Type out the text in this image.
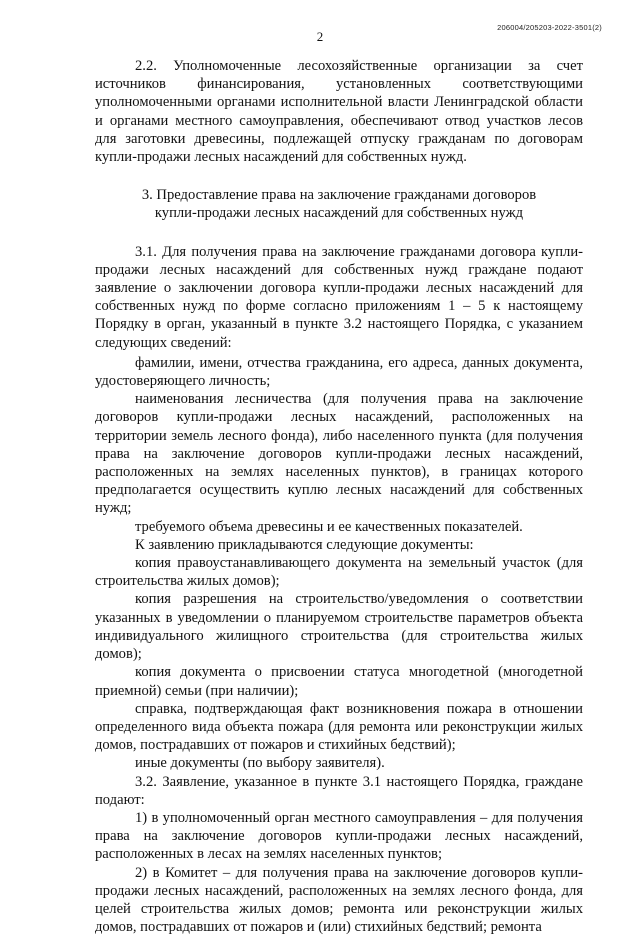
206004/205203-2022-3501(2)
2

2.2. Уполномоченные лесохозяйственные организации за счет источников финансирования, установленных соответствующими уполномоченными органами исполнительной власти Ленинградской области и органами местного самоуправления, обеспечивают отвод участков лесов для заготовки древесины, подлежащей отпуску гражданам по договорам купли-продажи лесных насаждений для собственных нужд.

3. Предоставление права на заключение гражданами договоров
купли-продажи лесных насаждений для собственных нужд

3.1. Для получения права на заключение гражданами договора купли-продажи лесных насаждений для собственных нужд граждане подают заявление о заключении договора купли-продажи лесных насаждений для собственных нужд по форме согласно приложениям 1 – 5 к настоящему Порядку в орган, указанный в пункте 3.2 настоящего Порядка, с указанием следующих сведений:

фамилии, имени, отчества гражданина, его адреса, данных документа, удостоверяющего личность;

наименования лесничества (для получения права на заключение договоров купли-продажи лесных насаждений, расположенных на территории земель лесного фонда), либо населенного пункта (для получения права на заключение договоров купли-продажи лесных насаждений, расположенных на землях населенных пунктов), в границах которого предполагается осуществить куплю лесных насаждений для собственных нужд;

требуемого объема древесины и ее качественных показателей.

К заявлению прикладываются следующие документы:

копия правоустанавливающего документа на земельный участок (для строительства жилых домов);

копия разрешения на строительство/уведомления о соответствии указанных в уведомлении о планируемом строительстве параметров объекта индивидуального жилищного строительства (для строительства жилых домов);

копия документа о присвоении статуса многодетной (многодетной приемной) семьи (при наличии);

справка, подтверждающая факт возникновения пожара в отношении определенного вида объекта пожара (для ремонта или реконструкции жилых домов, пострадавших от пожаров и стихийных бедствий);

иные документы (по выбору заявителя).

3.2. Заявление, указанное в пункте 3.1 настоящего Порядка, граждане подают:

1) в уполномоченный орган местного самоуправления – для получения права на заключение договоров купли-продажи лесных насаждений, расположенных в лесах на землях населенных пунктов;

2) в Комитет – для получения права на заключение договоров купли-продажи лесных насаждений, расположенных на землях лесного фонда, для целей строительства жилых домов; ремонта или реконструкции жилых домов, пострадавших от пожаров и (или) стихийных бедствий; ремонта
